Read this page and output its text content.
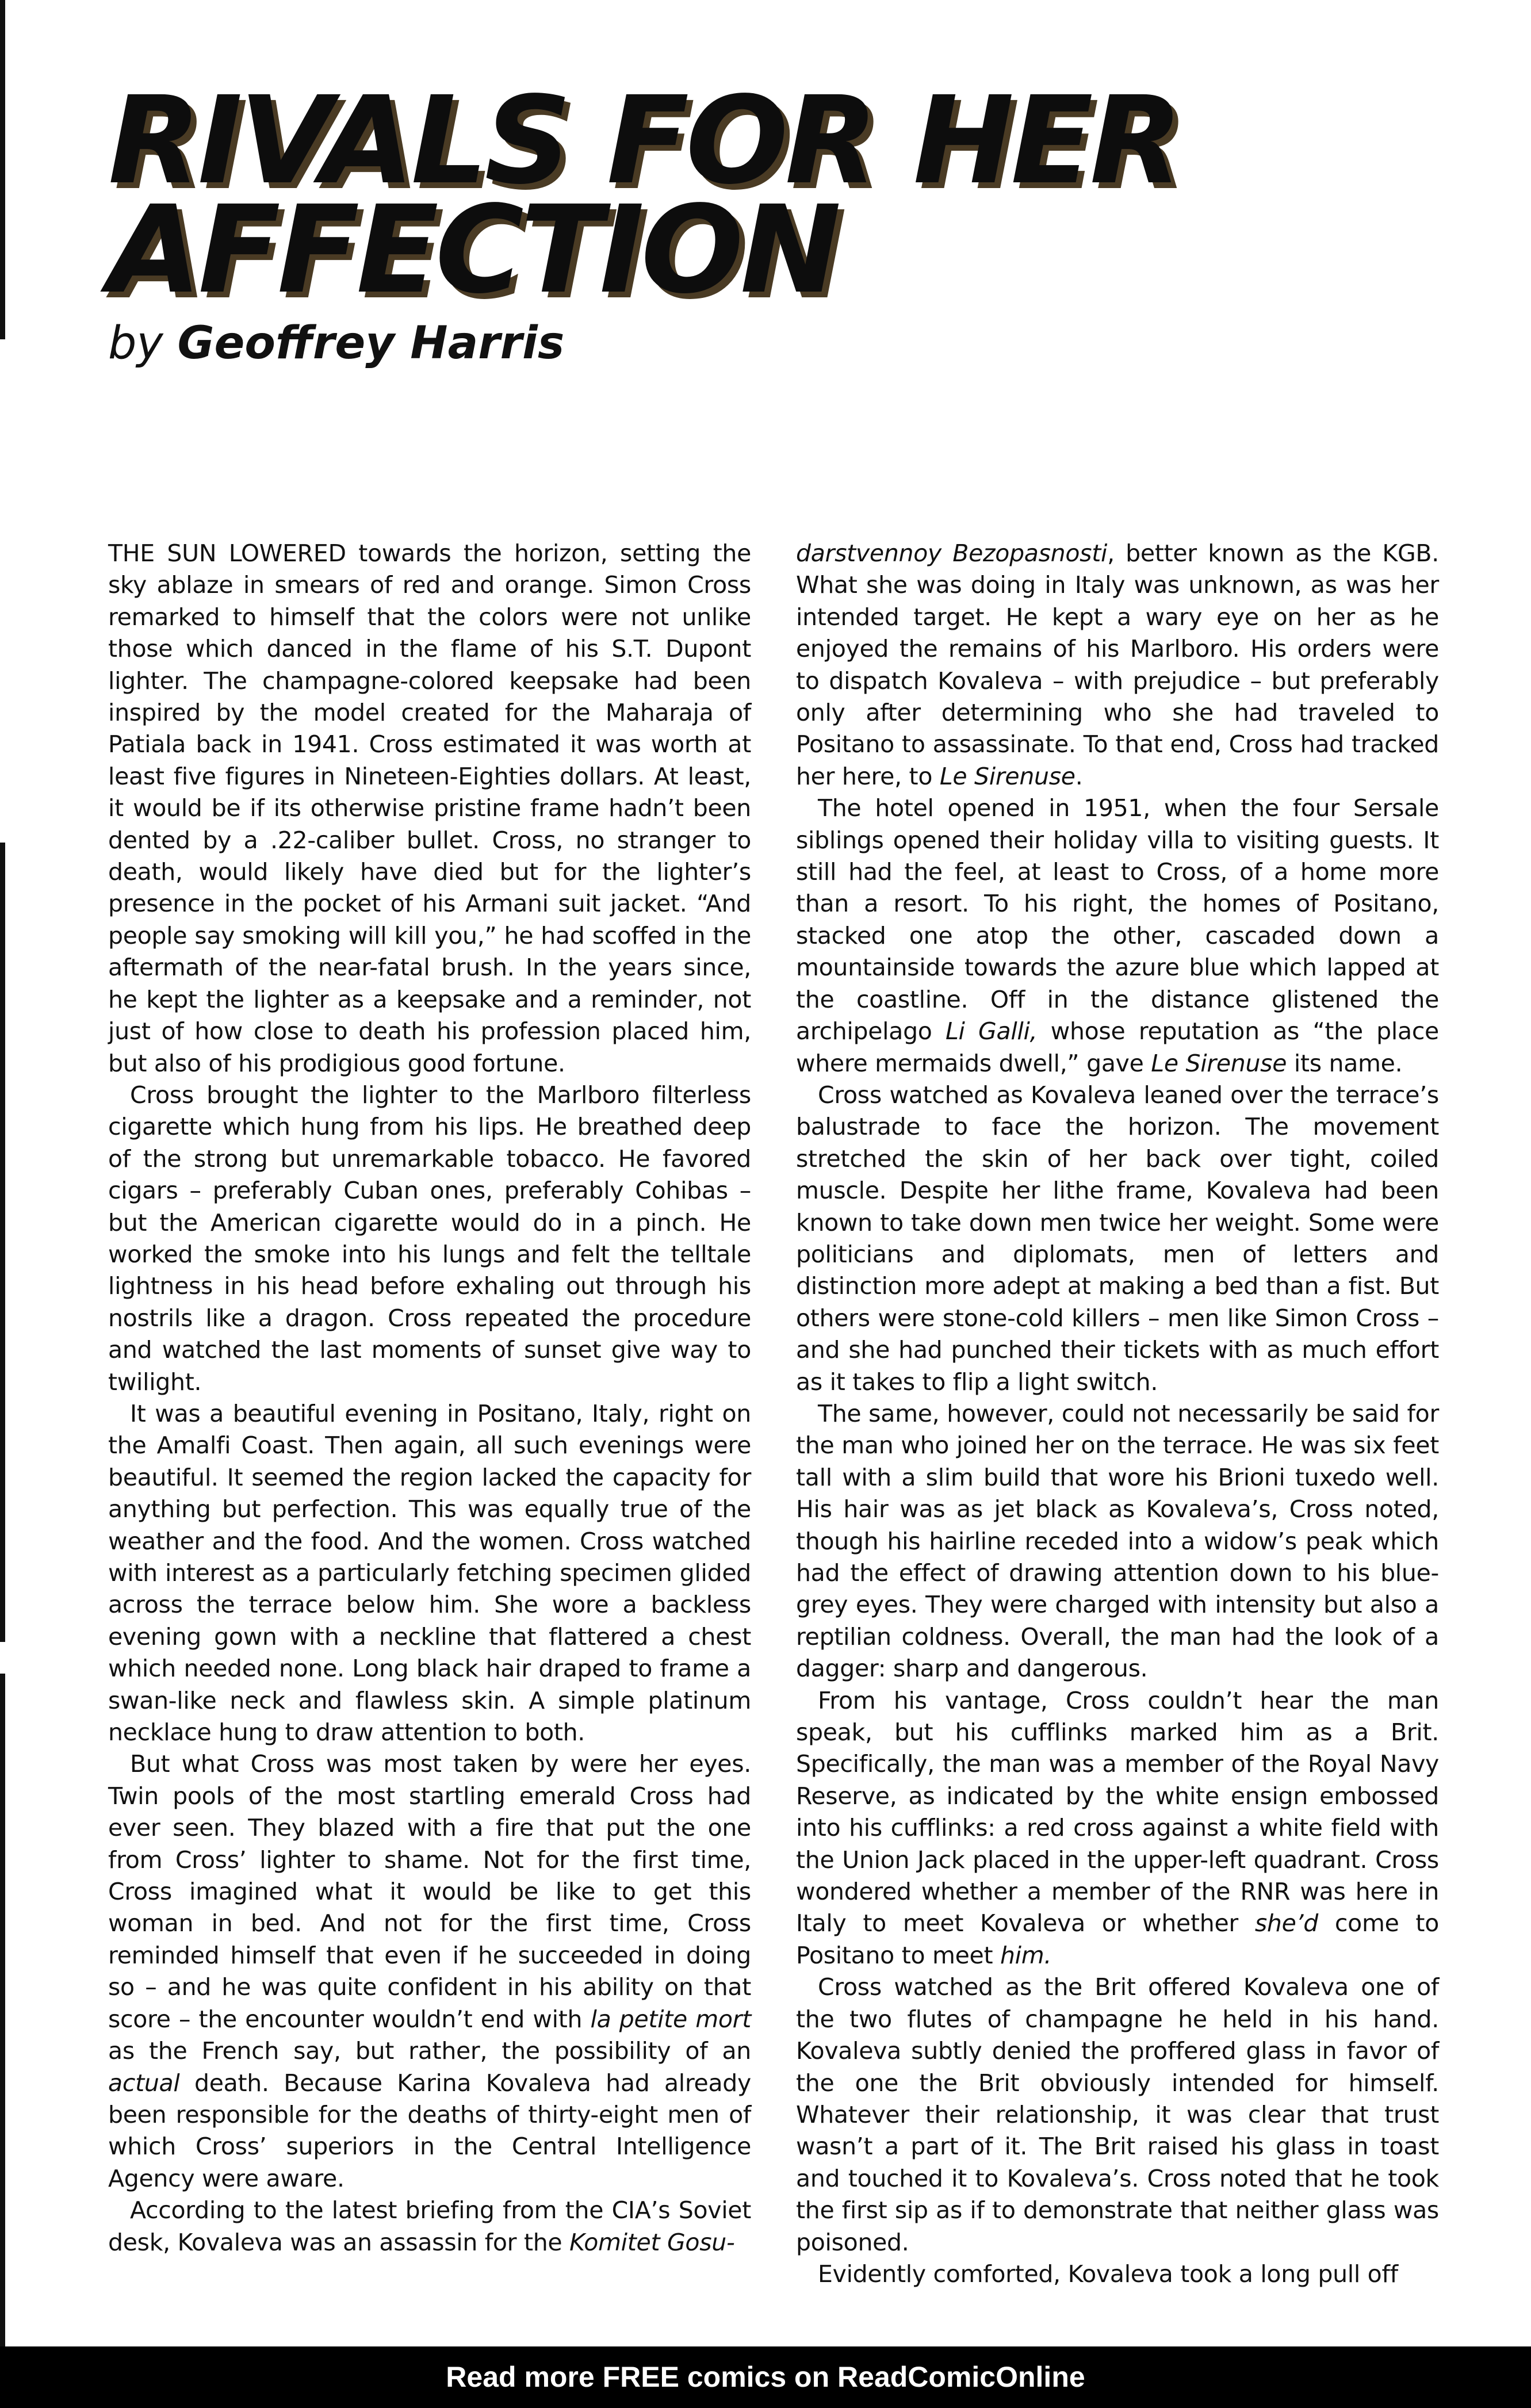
RIVALS FOR HER
AFFECTION
by Geoffrey Harris

THE SUN LOWERED towards the horizon, setting the sky ablaze in smears of red and orange. Simon Cross remarked to himself that the colors were not unlike those which danced in the flame of his S.T. Dupont lighter. The champagne-colored keepsake had been inspired by the model created for the Maharaja of Patiala back in 1941. Cross estimated it was worth at least five figures in Nineteen-Eighties dollars. At least, it would be if its otherwise pristine frame hadn’t been dented by a .22-caliber bullet. Cross, no stranger to death, would likely have died but for the lighter’s presence in the pocket of his Armani suit jacket. “And people say smoking will kill you,” he had scoffed in the aftermath of the near-fatal brush. In the years since, he kept the lighter as a keepsake and a reminder, not just of how close to death his profession placed him, but also of his prodigious good fortune.

Cross brought the lighter to the Marlboro filterless cigarette which hung from his lips. He breathed deep of the strong but unremarkable tobacco. He favored cigars – preferably Cuban ones, preferably Cohibas – but the American cigarette would do in a pinch. He worked the smoke into his lungs and felt the telltale lightness in his head before exhaling out through his nostrils like a dragon. Cross repeated the procedure and watched the last moments of sunset give way to twilight.

It was a beautiful evening in Positano, Italy, right on the Amalfi Coast. Then again, all such evenings were beautiful. It seemed the region lacked the capacity for anything but perfection. This was equally true of the weather and the food. And the women. Cross watched with interest as a particularly fetching specimen glided across the terrace below him. She wore a backless evening gown with a neckline that flattered a chest which needed none. Long black hair draped to frame a swan-like neck and flawless skin. A simple platinum necklace hung to draw attention to both.

But what Cross was most taken by were her eyes. Twin pools of the most startling emerald Cross had ever seen. They blazed with a fire that put the one from Cross’ lighter to shame. Not for the first time, Cross imagined what it would be like to get this woman in bed. And not for the first time, Cross reminded himself that even if he succeeded in doing so – and he was quite confident in his ability on that score – the encounter wouldn’t end with la petite mort as the French say, but rather, the possibility of an actual death. Because Karina Kovaleva had already been responsible for the deaths of thirty-eight men of which Cross’ superiors in the Central Intelligence Agency were aware.

According to the latest briefing from the CIA’s Soviet desk, Kovaleva was an assassin for the Komitet Gosu-

darstvennoy Bezopasnosti, better known as the KGB. What she was doing in Italy was unknown, as was her intended target. He kept a wary eye on her as he enjoyed the remains of his Marlboro. His orders were to dispatch Kovaleva – with prejudice – but preferably only after determining who she had traveled to Positano to assassinate. To that end, Cross had tracked her here, to Le Sirenuse.

The hotel opened in 1951, when the four Sersale siblings opened their holiday villa to visiting guests. It still had the feel, at least to Cross, of a home more than a resort. To his right, the homes of Positano, stacked one atop the other, cascaded down a mountainside towards the azure blue which lapped at the coastline. Off in the distance glistened the archipelago Li Galli, whose reputation as “the place where mermaids dwell,” gave Le Sirenuse its name.

Cross watched as Kovaleva leaned over the terrace’s balustrade to face the horizon. The movement stretched the skin of her back over tight, coiled muscle. Despite her lithe frame, Kovaleva had been known to take down men twice her weight. Some were politicians and diplomats, men of letters and distinction more adept at making a bed than a fist. But others were stone-cold killers – men like Simon Cross – and she had punched their tickets with as much effort as it takes to flip a light switch.

The same, however, could not necessarily be said for the man who joined her on the terrace. He was six feet tall with a slim build that wore his Brioni tuxedo well. His hair was as jet black as Kovaleva’s, Cross noted, though his hairline receded into a widow’s peak which had the effect of drawing attention down to his blue-grey eyes. They were charged with intensity but also a reptilian coldness. Overall, the man had the look of a dagger: sharp and dangerous.

From his vantage, Cross couldn’t hear the man speak, but his cufflinks marked him as a Brit. Specifically, the man was a member of the Royal Navy Reserve, as indicated by the white ensign embossed into his cufflinks: a red cross against a white field with the Union Jack placed in the upper-left quadrant. Cross wondered whether a member of the RNR was here in Italy to meet Kovaleva or whether she’d come to Positano to meet him.

Cross watched as the Brit offered Kovaleva one of the two flutes of champagne he held in his hand. Kovaleva subtly denied the proffered glass in favor of the one the Brit obviously intended for himself. Whatever their relationship, it was clear that trust wasn’t a part of it. The Brit raised his glass in toast and touched it to Kovaleva’s. Cross noted that he took the first sip as if to demonstrate that neither glass was poisoned.

Evidently comforted, Kovaleva took a long pull off

Read more FREE comics on ReadComicOnline
